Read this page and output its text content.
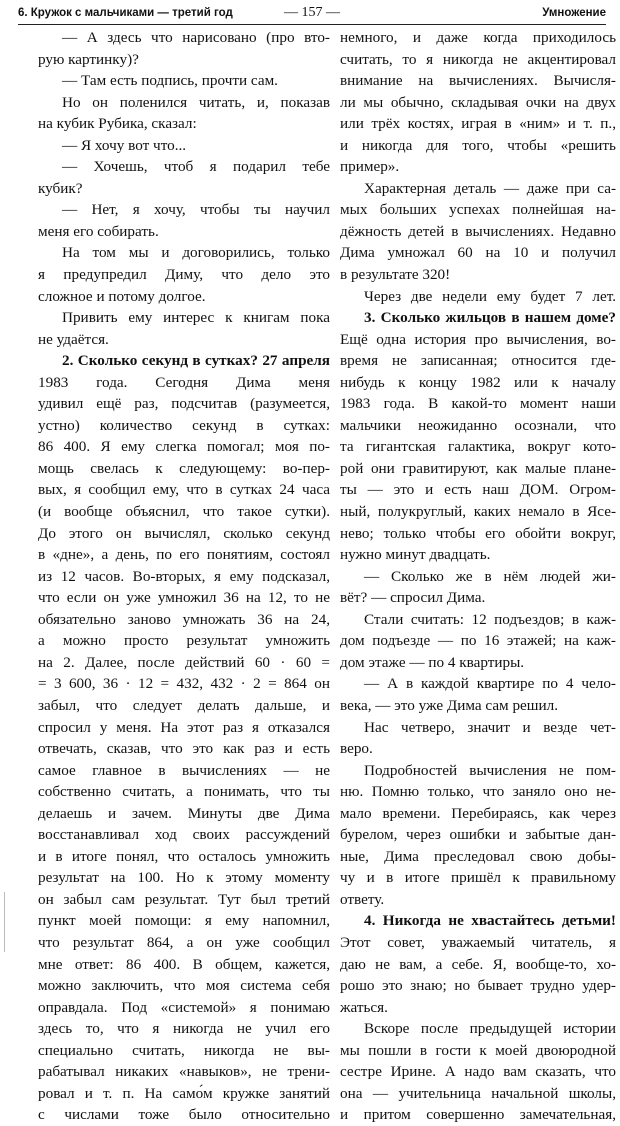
6. Кружок с мальчиками — третий год	— 157 —	Умножение
— А здесь что нарисовано (про вто-
рую картинку)?
— Там есть подпись, прочти сам.
Но он поленился читать, и, показав
на кубик Рубика, сказал:
— Я хочу вот что...
— Хочешь, чтоб я подарил тебе
кубик?
— Нет, я хочу, чтобы ты научил
меня его собирать.
На том мы и договорились, только
я предупредил Диму, что дело это
сложное и потому долгое.
Привить ему интерес к книгам пока
не удаётся.
2. Сколько секунд в сутках? 27 апреля
1983 года. Сегодня Дима меня
удивил ещё раз, подсчитав (разумеется,
устно) количество секунд в сутках:
86 400. Я ему слегка помогал; моя по-
мощь свелась к следующему: во-пер-
вых, я сообщил ему, что в сутках 24 часа
(и вообще объяснил, что такое сутки).
До этого он вычислял, сколько секунд
в «дне», а день, по его понятиям, состоял
из 12 часов. Во-вторых, я ему подсказал,
что если он уже умножил 36 на 12, то не
обязательно заново умножать 36 на 24,
а можно просто результат умножить
на 2. Далее, после действий 60 · 60 =
= 3 600, 36 · 12 = 432, 432 · 2 = 864 он
забыл, что следует делать дальше, и
спросил у меня. На этот раз я отказался
отвечать, сказав, что это как раз и есть
самое главное в вычислениях — не
собственно считать, а понимать, что ты
делаешь и зачем. Минуты две Дима
восстанавливал ход своих рассуждений
и в итоге понял, что осталось умножить
результат на 100. Но к этому моменту
он забыл сам результат. Тут был третий
пункт моей помощи: я ему напомнил,
что результат 864, а он уже сообщил
мне ответ: 86 400. В общем, кажется,
можно заключить, что моя система себя
оправдала. Под «системой» я понимаю
здесь то, что я никогда не учил его
специально считать, никогда не вы-
рабатывал никаких «навыков», не трени-
ровал и т. п. На само́м кружке занятий
с числами тоже было относительно
немного, и даже когда приходилось
считать, то я никогда не акцентировал
внимание на вычислениях. Вычисля-
ли мы обычно, складывая очки на двух
или трёх костях, играя в «ним» и т. п.,
и никогда для того, чтобы «решить
пример».
Характерная деталь — даже при са-
мых больших успехах полнейшая на-
дёжность детей в вычислениях. Недавно
Дима умножал 60 на 10 и получил
в результате 320!
Через две недели ему будет 7 лет.
3. Сколько жильцов в нашем доме?
Ещё одна история про вычисления, во-
время не записанная; относится где-
нибудь к концу 1982 или к началу
1983 года. В какой-то момент наши
мальчики неожиданно осознали, что
та гигантская галактика, вокруг кото-
рой они гравитируют, как малые плане-
ты — это и есть наш ДОМ. Огром-
ный, полукруглый, каких немало в Ясе-
нево; только чтобы его обойти вокруг,
нужно минут двадцать.
— Сколько же в нём людей жи-
вёт? — спросил Дима.
Стали считать: 12 подъездов; в каж-
дом подъезде — по 16 этажей; на каж-
дом этаже — по 4 квартиры.
— А в каждой квартире по 4 чело-
века, — это уже Дима сам решил.
Нас четверо, значит и везде чет-
веро.
Подробностей вычисления не пом-
ню. Помню только, что заняло оно не-
мало времени. Перебираясь, как через
бурелом, через ошибки и забытые дан-
ные, Дима преследовал свою добы-
чу и в итоге пришёл к правильному
ответу.
4. Никогда не хвастайтесь детьми!
Этот совет, уважаемый читатель, я
даю не вам, а себе. Я, вообще-то, хо-
рошо это знаю; но бывает трудно удер-
жаться.
Вскоре после предыдущей истории
мы пошли в гости к моей двоюродной
сестре Ирине. А надо вам сказать, что
она — учительница начальной школы,
и притом совершенно замечательная,
